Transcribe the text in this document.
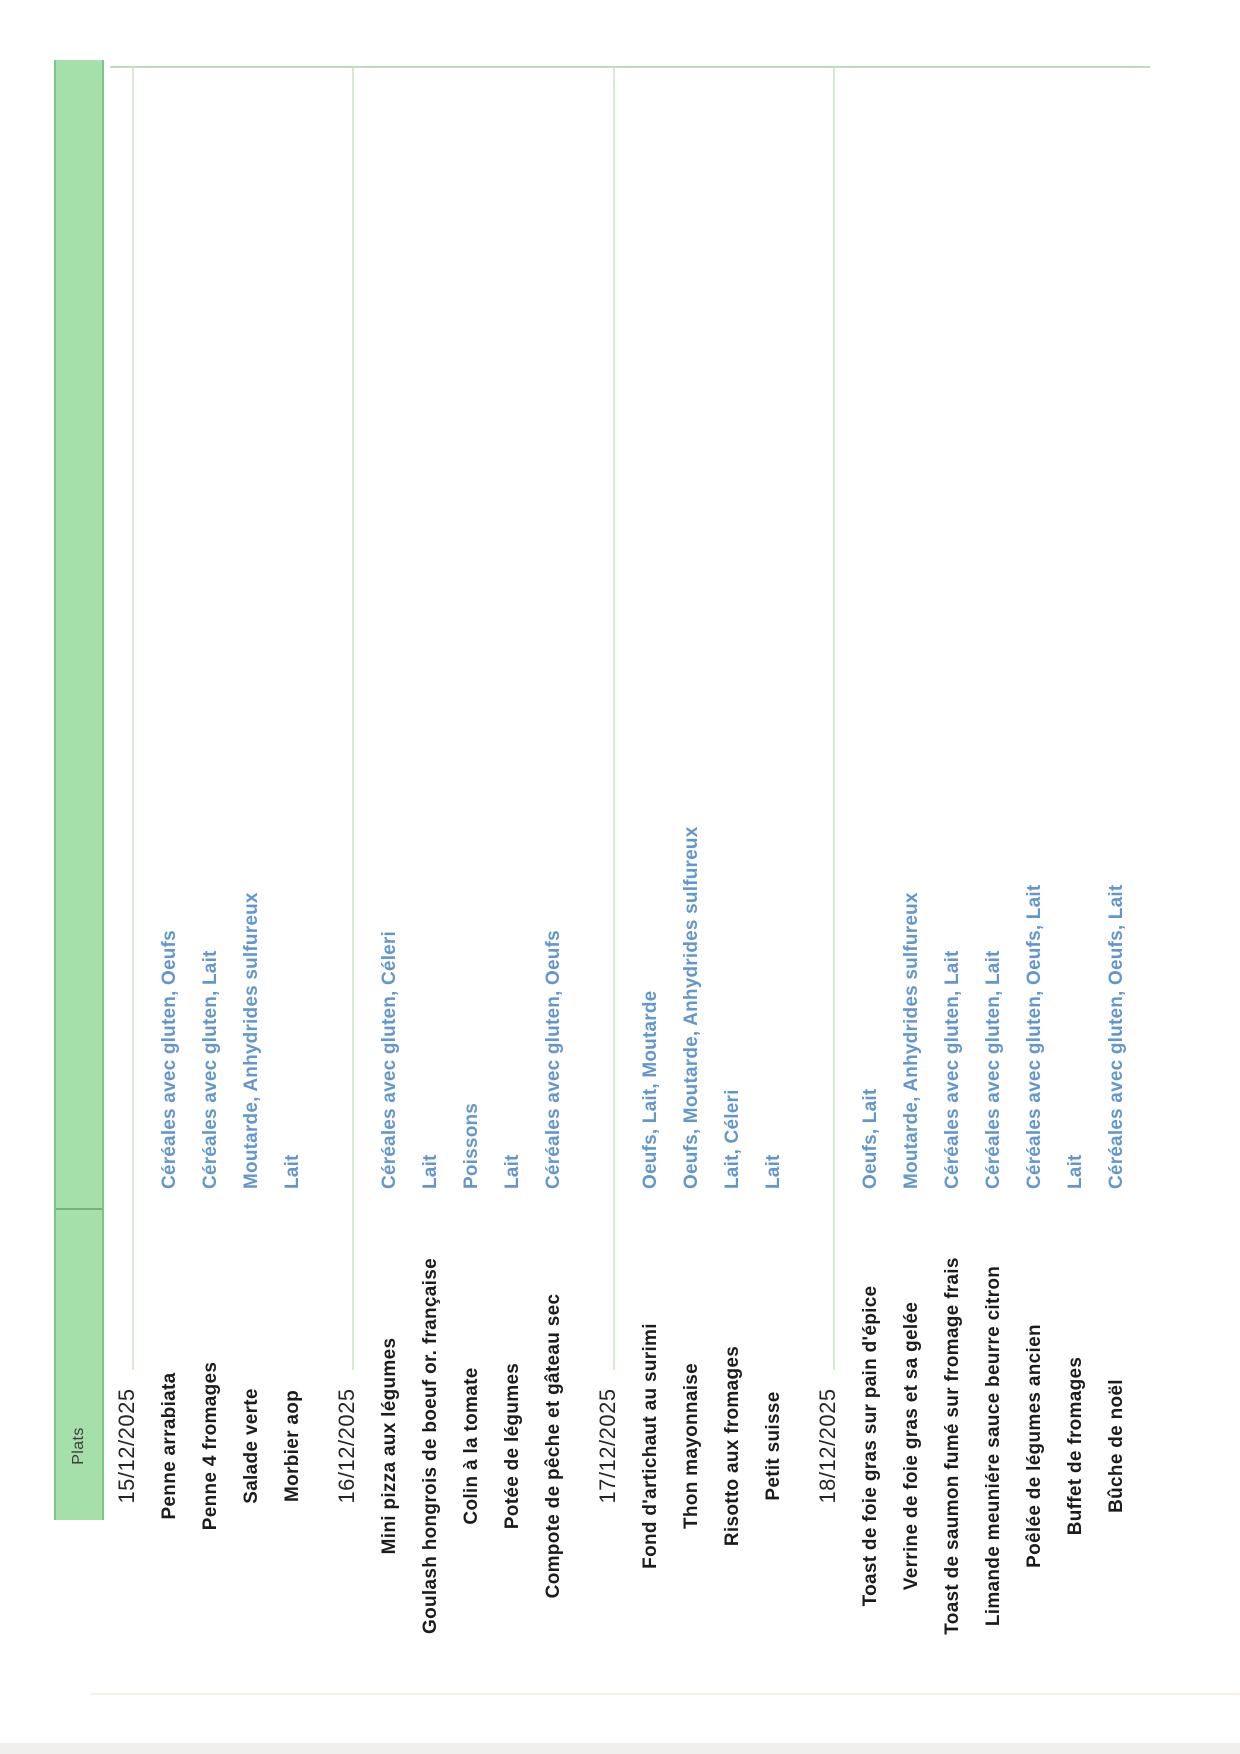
Plats 15/12/2025 Penne arrabiata
Céréales avec gluten, Oeufs
Penne 4 fromages
Céréales avec gluten, Lait
Salade verte
Moutarde, Anhydrides sulfureux
Morbier aop
Lait
16/12/2025 Mini pizza aux légumes
Céréales avec gluten, Céleri
Goulash hongrois de boeuf or. française
Lait
Colin à la tomate
Poissons
Potée de légumes
Lait
Compote de pêche et gâteau sec
Céréales avec gluten, Oeufs
17/12/2025 Fond d'artichaut au surimi
Oeufs, Lait, Moutarde
Thon mayonnaise
Oeufs, Moutarde, Anhydrides sulfureux
Risotto aux fromages
Lait, Céleri
Petit suisse
Lait
18/12/2025 Toast de foie gras sur pain d'épice
Oeufs, Lait
Verrine de foie gras et sa gelée
Moutarde, Anhydrides sulfureux
Toast de saumon fumé sur fromage frais
Céréales avec gluten, Lait
Limande meuniére sauce beurre citron
Céréales avec gluten, Lait
Poêlée de légumes ancien
Céréales avec gluten, Oeufs, Lait
Buffet de fromages
Lait
Bûche de noël
Céréales avec gluten, Oeufs, Lait
